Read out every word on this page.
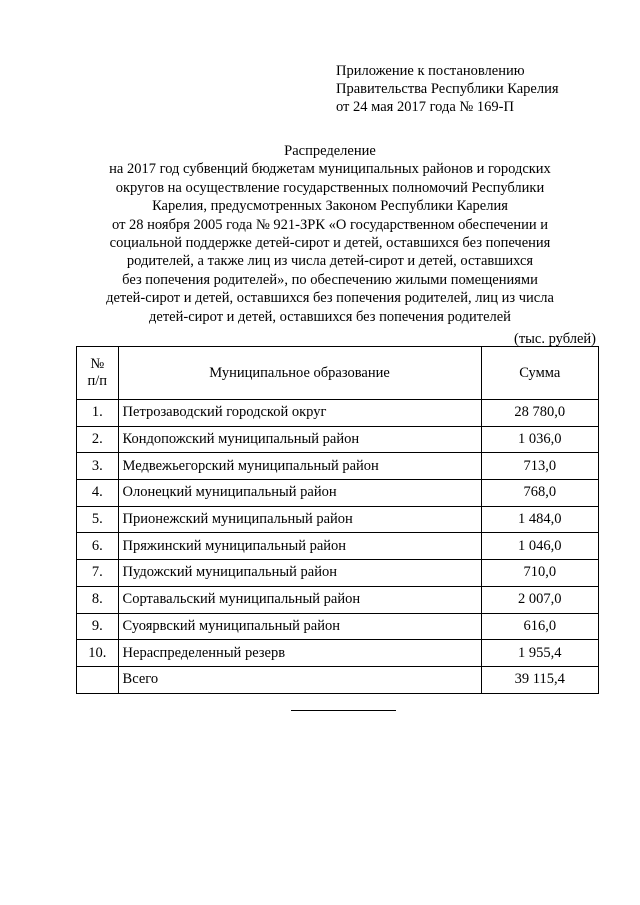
Приложение к постановлению
Правительства Республики Карелия
от 24 мая 2017 года № 169-П
Распределение
на 2017 год субвенций бюджетам муниципальных районов и городских
округов на осуществление государственных полномочий Республики
Карелия, предусмотренных Законом Республики Карелия
от 28 ноября 2005 года № 921-ЗРК «О государственном обеспечении и
социальной поддержке детей-сирот и детей, оставшихся без попечения
родителей, а также лиц из числа детей-сирот и детей, оставшихся
без попечения родителей», по обеспечению жилыми помещениями
детей-сирот и детей, оставшихся без попечения родителей, лиц из числа
детей-сирот и детей, оставшихся без попечения родителей
(тыс. рублей)
№
п/п	Муниципальное образование	Сумма
1.	Петрозаводский городской округ	28 780,0
2.	Кондопожский муниципальный район	1 036,0
3.	Медвежьегорский муниципальный район	713,0
4.	Олонецкий муниципальный район	768,0
5.	Прионежский муниципальный район	1 484,0
6.	Пряжинский муниципальный район	1 046,0
7.	Пудожский муниципальный район	710,0
8.	Сортавальский муниципальный район	2 007,0
9.	Суоярвский муниципальный район	616,0
10.	Нераспределенный резерв	1 955,4
	Всего	39 115,4
